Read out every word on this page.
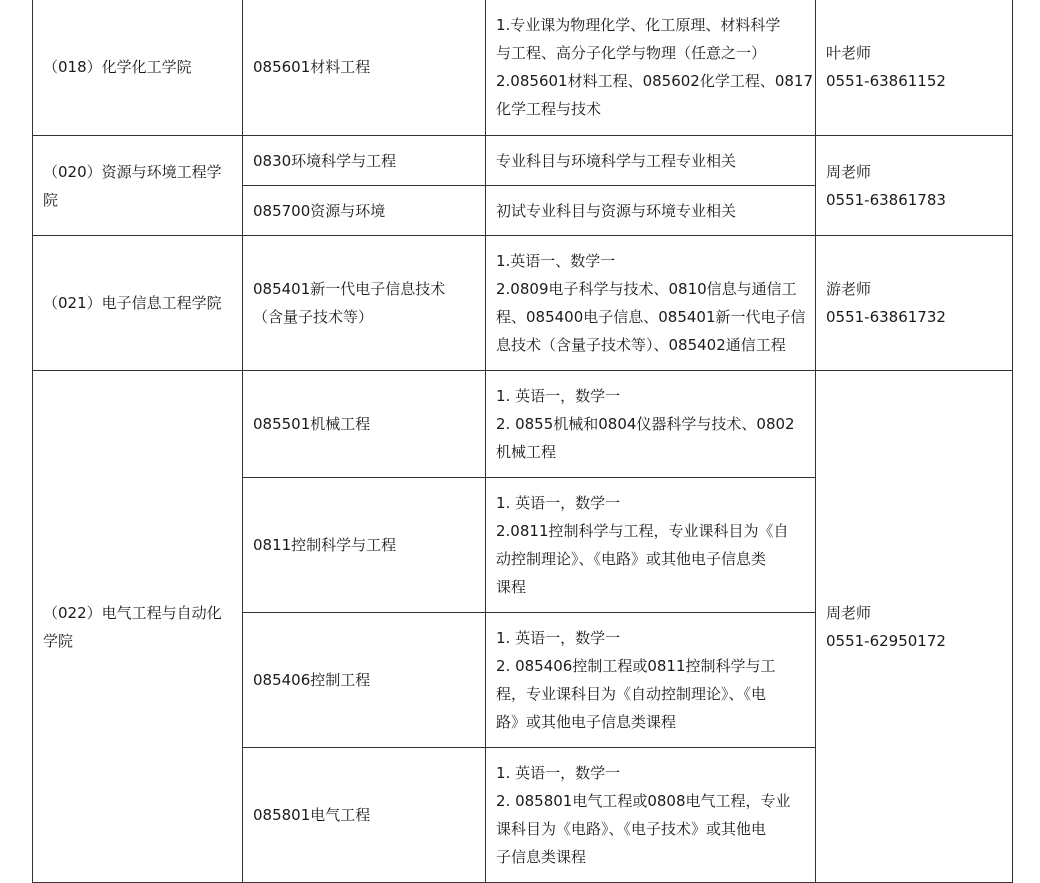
（018）化学化工学院	085601材料工程	1.专业课为物理化学、化工原理、材料科学
与工程、高分子化学与物理（任意之一）
2.085601材料工程、085602化学工程、0817
化学工程与技术	叶老师
0551-63861152

（020）资源与环境工程学院	0830环境科学与工程	专业科目与环境科学与工程专业相关	周老师
0551-63861783

	085700资源与环境	初试专业科目与资源与环境专业相关	

（021）电子信息工程学院	085401新一代电子信息技术（含量子技术等）	1.英语一、数学一
2.0809电子科学与技术、0810信息与通信工
程、085400电子信息、085401新一代电子信
息技术（含量子技术等）、085402通信工程	游老师
0551-63861732

（022）电气工程与自动化学院	085501机械工程	1. 英语一，数学一
2. 0855机械和0804仪器科学与技术、0802
机械工程	周老师
0551-62950172

	0811控制科学与工程	1. 英语一，数学一
2.0811控制科学与工程，专业课科目为《自
动控制理论》、《电路》或其他电子信息类
课程	

	085406控制工程	1. 英语一，数学一
2. 085406控制工程或0811控制科学与工
程，专业课科目为《自动控制理论》、《电
路》或其他电子信息类课程	

	085801电气工程	1. 英语一，数学一
2. 085801电气工程或0808电气工程，专业
课科目为《电路》、《电子技术》或其他电
子信息类课程	
